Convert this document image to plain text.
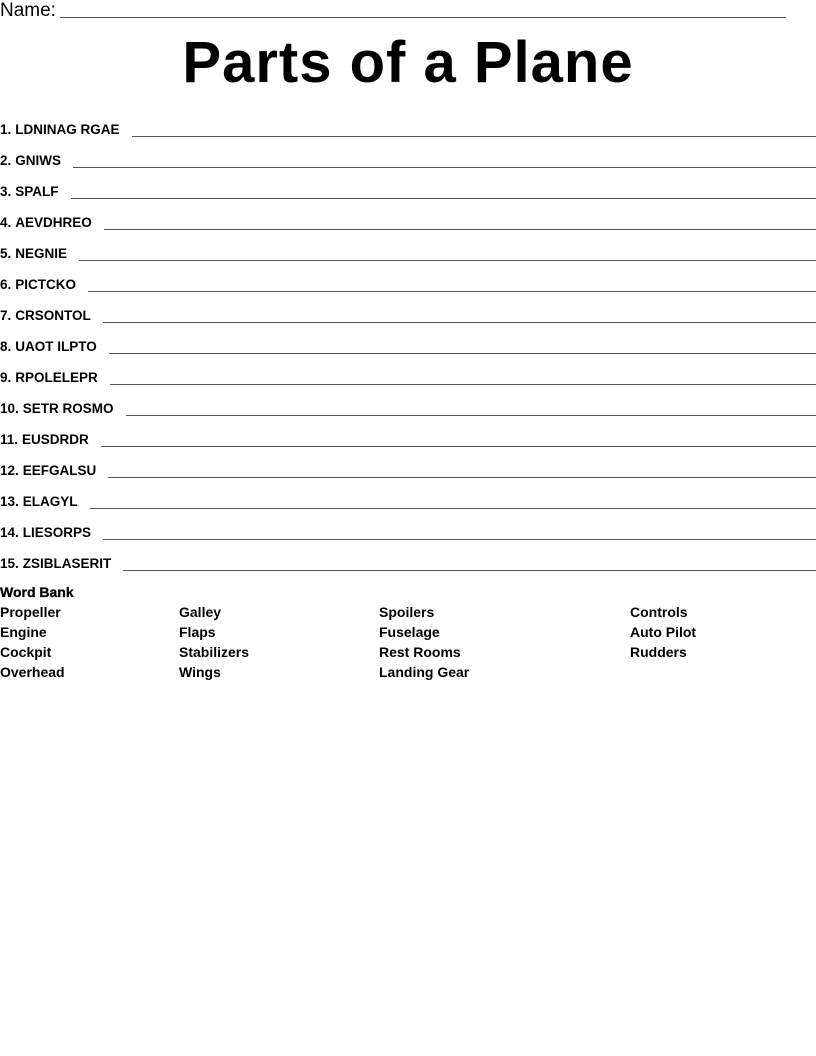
Name:
Parts of a Plane
1. LDNINAG RGAE
2. GNIWS
3. SPALF
4. AEVDHREO
5. NEGNIE
6. PICTCKO
7. CRSONTOL
8. UAOT ILPTO
9. RPOLELEPR
10. SETR ROSMO
11. EUSDRDR
12. EEFGALSU
13. ELAGYL
14. LIESORPS
15. ZSIBLASERIT
Word Bank
Propeller
Engine
Cockpit
Overhead
Galley
Flaps
Stabilizers
Wings
Spoilers
Fuselage
Rest Rooms
Landing Gear
Controls
Auto Pilot
Rudders
